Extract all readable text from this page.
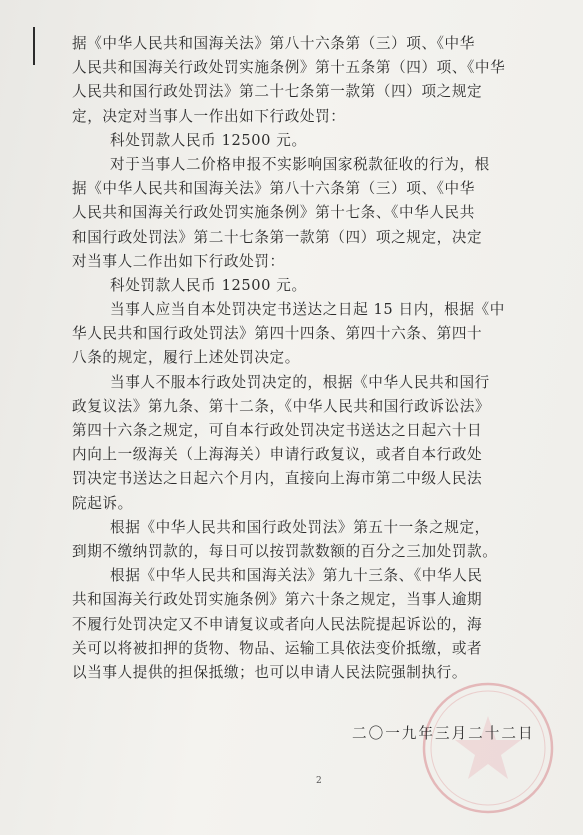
据《中华人民共和国海关法》第八十六条第（三）项、《中华
人民共和国海关行政处罚实施条例》第十五条第（四）项、《中华
人民共和国行政处罚法》第二十七条第一款第（四）项之规定
定，决定对当事人一作出如下行政处罚：
科处罚款人民币 12500 元。
对于当事人二价格申报不实影响国家税款征收的行为，根
据《中华人民共和国海关法》第八十六条第（三）项、《中华
人民共和国海关行政处罚实施条例》第十七条、《中华人民共
和国行政处罚法》第二十七条第一款第（四）项之规定，决定
对当事人二作出如下行政处罚：
科处罚款人民币 12500 元。
当事人应当自本处罚决定书送达之日起 15 日内，根据《中
华人民共和国行政处罚法》第四十四条、第四十六条、第四十
八条的规定，履行上述处罚决定。
当事人不服本行政处罚决定的，根据《中华人民共和国行
政复议法》第九条、第十二条，《中华人民共和国行政诉讼法》
第四十六条之规定，可自本行政处罚决定书送达之日起六十日
内向上一级海关（上海海关）申请行政复议，或者自本行政处
罚决定书送达之日起六个月内，直接向上海市第二中级人民法
院起诉。
根据《中华人民共和国行政处罚法》第五十一条之规定，
到期不缴纳罚款的，每日可以按罚款数额的百分之三加处罚款。
根据《中华人民共和国海关法》第九十三条、《中华人民
共和国海关行政处罚实施条例》第六十条之规定，当事人逾期
不履行处罚决定又不申请复议或者向人民法院提起诉讼的，海
关可以将被扣押的货物、物品、运输工具依法变价抵缴，或者
以当事人提供的担保抵缴；也可以申请人民法院强制执行。
二〇一九年三月二十二日
2
